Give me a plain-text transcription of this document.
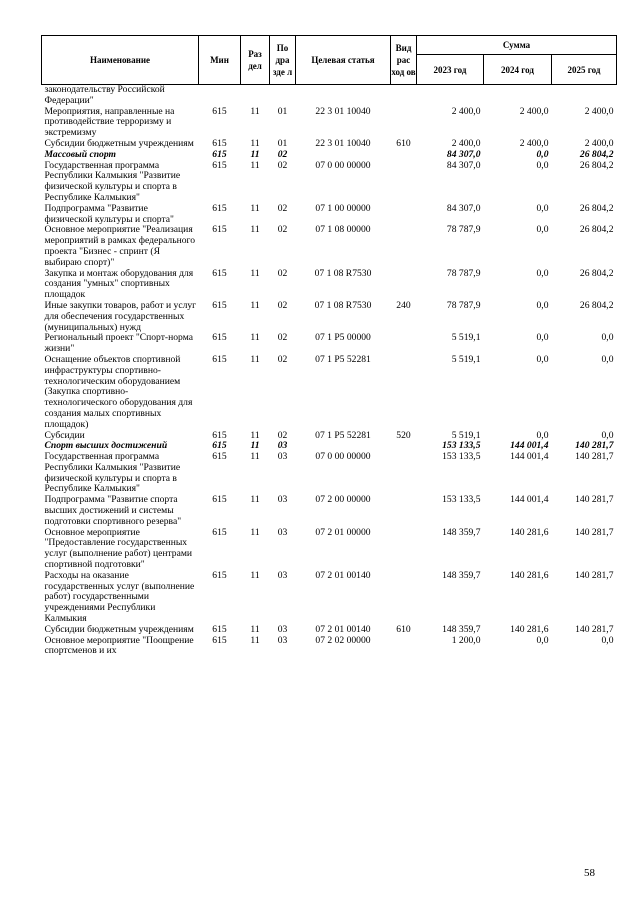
Наименование	Мин	Раз дел	По дра зде л	Целевая статья	Вид рас ход ов	Сумма		
						2023 год	2024 год	2025 год
законодательству Российской Федерации"								
Мероприятия, направленные на противодействие терроризму и экстремизму	615	11	01	22 3 01 10040		2 400,0	2 400,0	2 400,0
Субсидии бюджетным учреждениям	615	11	01	22 3 01 10040	610	2 400,0	2 400,0	2 400,0
Массовый спорт	615	11	02			84 307,0	0,0	26 804,2
Государственная программа Республики Калмыкия "Развитие физической культуры и спорта в Республике Калмыкия"	615	11	02	07 0 00 00000		84 307,0	0,0	26 804,2
Подпрограмма "Развитие физической культуры и спорта"	615	11	02	07 1 00 00000		84 307,0	0,0	26 804,2
Основное мероприятие "Реализация мероприятий в рамках федерального проекта "Бизнес - спринт (Я выбираю спорт)"	615	11	02	07 1 08 00000		78 787,9	0,0	26 804,2
Закупка и монтаж оборудования для создания "умных" спортивных площадок	615	11	02	07 1 08 R7530		78 787,9	0,0	26 804,2
Иные закупки товаров, работ и услуг для обеспечения государственных (муниципальных) нужд	615	11	02	07 1 08 R7530	240	78 787,9	0,0	26 804,2
Региональный проект "Спорт-норма жизни"	615	11	02	07 1 P5 00000		5 519,1	0,0	0,0
Оснащение объектов спортивной инфраструктуры спортивно-технологическим оборудованием (Закупка спортивно-технологического оборудования для создания малых спортивных площадок)	615	11	02	07 1 P5 52281		5 519,1	0,0	0,0
Субсидии	615	11	02	07 1 P5 52281	520	5 519,1	0,0	0,0
Спорт высших достижений	615	11	03			153 133,5	144 001,4	140 281,7
Государственная программа Республики Калмыкия "Развитие физической культуры и спорта в Республике Калмыкия"	615	11	03	07 0 00 00000		153 133,5	144 001,4	140 281,7
Подпрограмма "Развитие спорта высших достижений и системы подготовки спортивного резерва"	615	11	03	07 2 00 00000		153 133,5	144 001,4	140 281,7
Основное мероприятие "Предоставление государственных услуг (выполнение работ) центрами спортивной подготовки"	615	11	03	07 2 01 00000		148 359,7	140 281,6	140 281,7
Расходы на оказание государственных услуг (выполнение работ) государственными учреждениями Республики Калмыкия	615	11	03	07 2 01 00140		148 359,7	140 281,6	140 281,7
Субсидии бюджетным учреждениям	615	11	03	07 2 01 00140	610	148 359,7	140 281,6	140 281,7
Основное мероприятие "Поощрение спортсменов и их	615	11	03	07 2 02 00000		1 200,0	0,0	0,0
58
